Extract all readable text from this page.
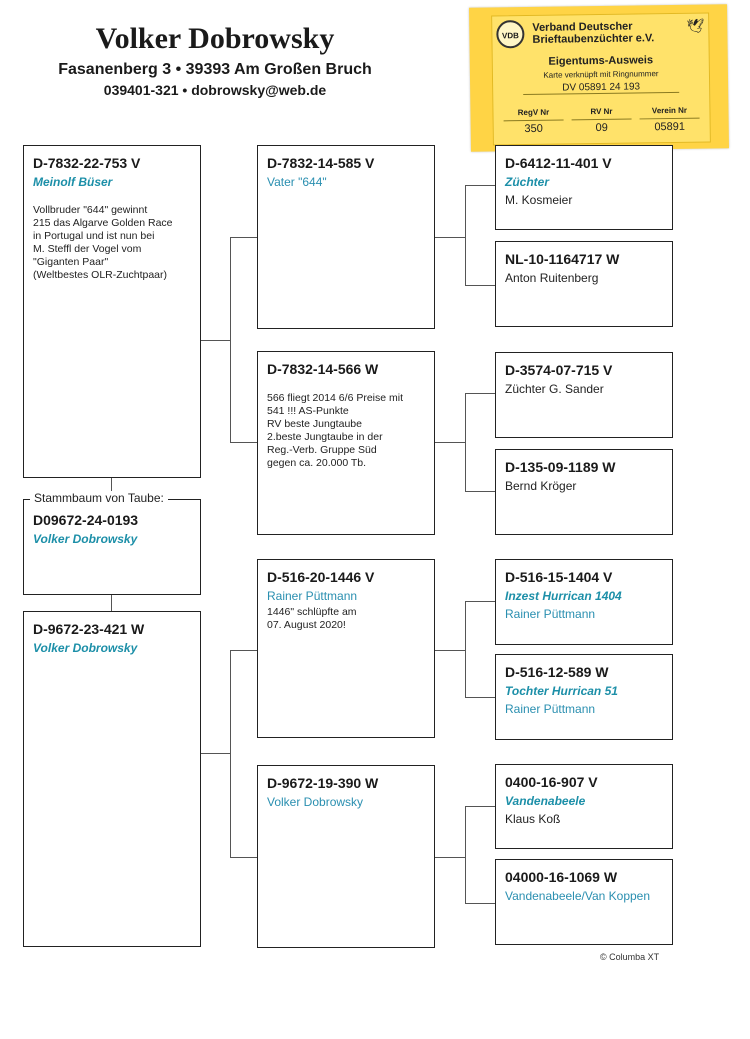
Volker Dobrowsky
Fasanenberg 3 • 39393 Am Großen Bruch
039401-321 • dobrowsky@web.de
VDB
Verband Deutscher
Brieftaubenzüchter e.V.
🕊
Eigentums-Ausweis
Karte verknüpft mit Ringnummer
DV 05891 24 193
RegV Nr
350
RV Nr
09
Verein Nr
05891
D-7832-22-753 V
Meinolf Büser
Vollbruder "644" gewinnt
215 das Algarve Golden Race
in Portugal und ist nun bei
M. Steffl der Vogel vom
"Giganten Paar"
(Weltbestes OLR-Zuchtpaar)
D09672-24-0193
Volker Dobrowsky
Stammbaum von Taube:
D-9672-23-421 W
Volker Dobrowsky
D-7832-14-585 V
Vater "644"
D-7832-14-566 W
566 fliegt 2014 6/6 Preise mit
541 !!! AS-Punkte
RV beste Jungtaube
2.beste Jungtaube in der
Reg.-Verb. Gruppe Süd
gegen ca. 20.000 Tb.
D-516-20-1446 V
Rainer Püttmann
1446" schlüpfte am
07. August 2020!
D-9672-19-390 W
Volker Dobrowsky
D-6412-11-401 V
Züchter
M. Kosmeier
NL-10-1164717 W
Anton Ruitenberg
D-3574-07-715 V
Züchter G. Sander
D-135-09-1189 W
Bernd Kröger
D-516-15-1404 V
Inzest Hurrican 1404
Rainer Püttmann
D-516-12-589 W
Tochter Hurrican 51
Rainer Püttmann
0400-16-907 V
Vandenabeele
Klaus Koß
04000-16-1069 W
Vandenabeele/Van Koppen
© Columba XT
